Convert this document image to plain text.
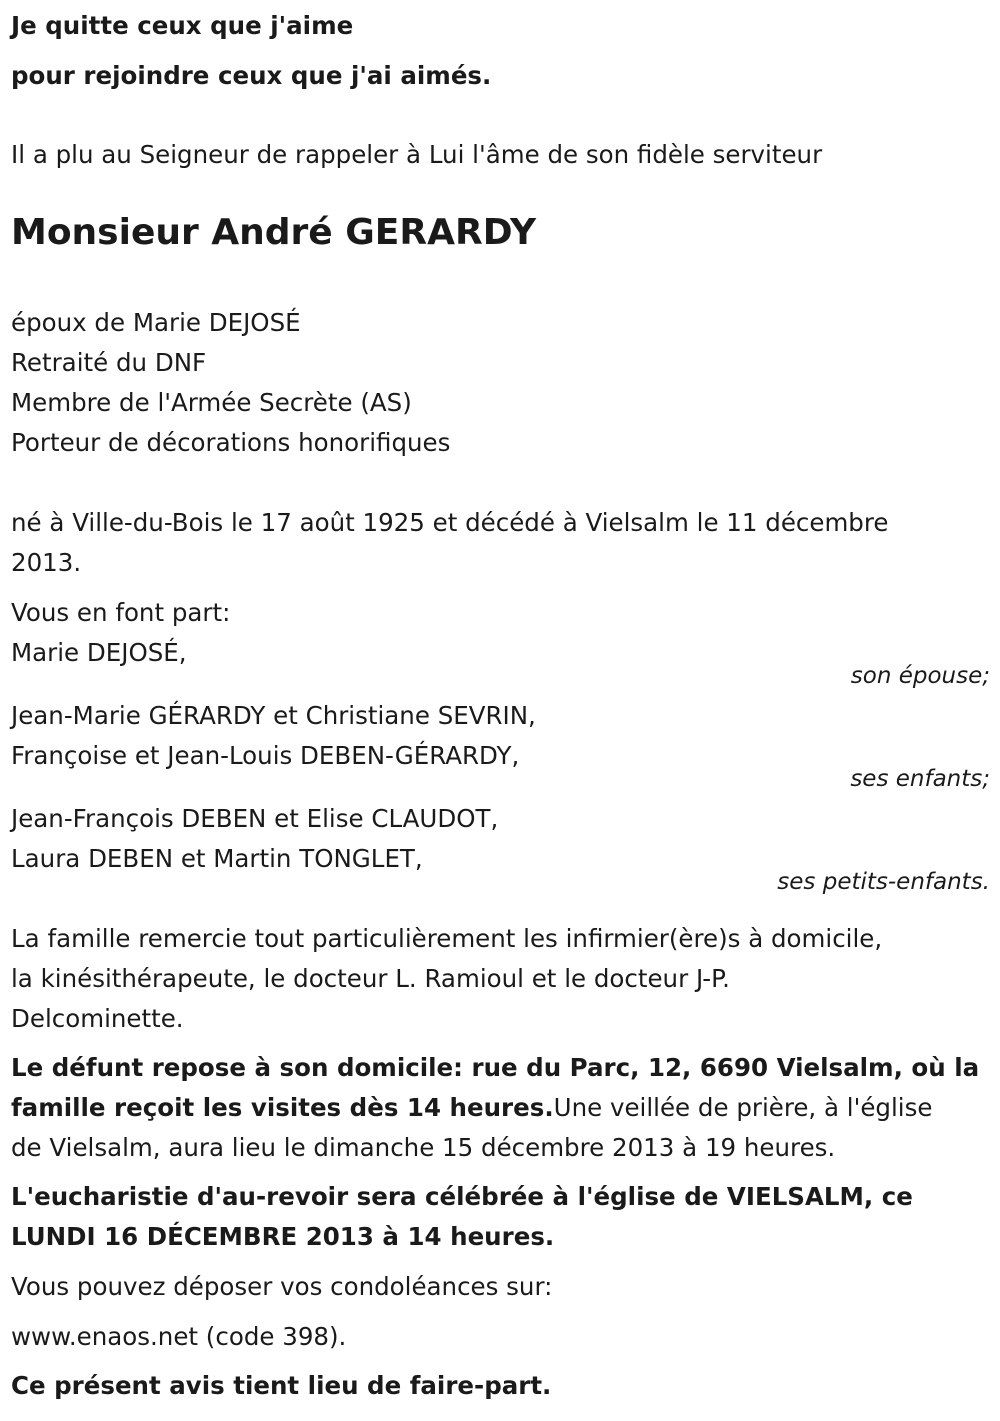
Je quitte ceux que j'aime
pour rejoindre ceux que j'ai aimés.
Il a plu au Seigneur de rappeler à Lui l'âme de son fidèle serviteur
Monsieur André GERARDY
époux de Marie DEJOSÉ
Retraité du DNF
Membre de l'Armée Secrète (AS)
Porteur de décorations honorifiques
né à Ville-du-Bois le 17 août 1925 et décédé à Vielsalm le 11 décembre
2013.
Vous en font part:
Marie DEJOSÉ,
son épouse;
Jean-Marie GÉRARDY et Christiane SEVRIN,
Françoise et Jean-Louis DEBEN-GÉRARDY,
ses enfants;
Jean-François DEBEN et Elise CLAUDOT,
Laura DEBEN et Martin TONGLET,
ses petits-enfants.
La famille remercie tout particulièrement les infirmier(ère)s à domicile,
la kinésithérapeute, le docteur L. Ramioul et le docteur J-P.
Delcominette.
Le défunt repose à son domicile: rue du Parc, 12, 6690 Vielsalm, où la
famille reçoit les visites dès 14 heures.Une veillée de prière, à l'église
de Vielsalm, aura lieu le dimanche 15 décembre 2013 à 19 heures.
L'eucharistie d'au-revoir sera célébrée à l'église de VIELSALM, ce
LUNDI 16 DÉCEMBRE 2013 à 14 heures.
Vous pouvez déposer vos condoléances sur:
www.enaos.net (code 398).
Ce présent avis tient lieu de faire-part.
